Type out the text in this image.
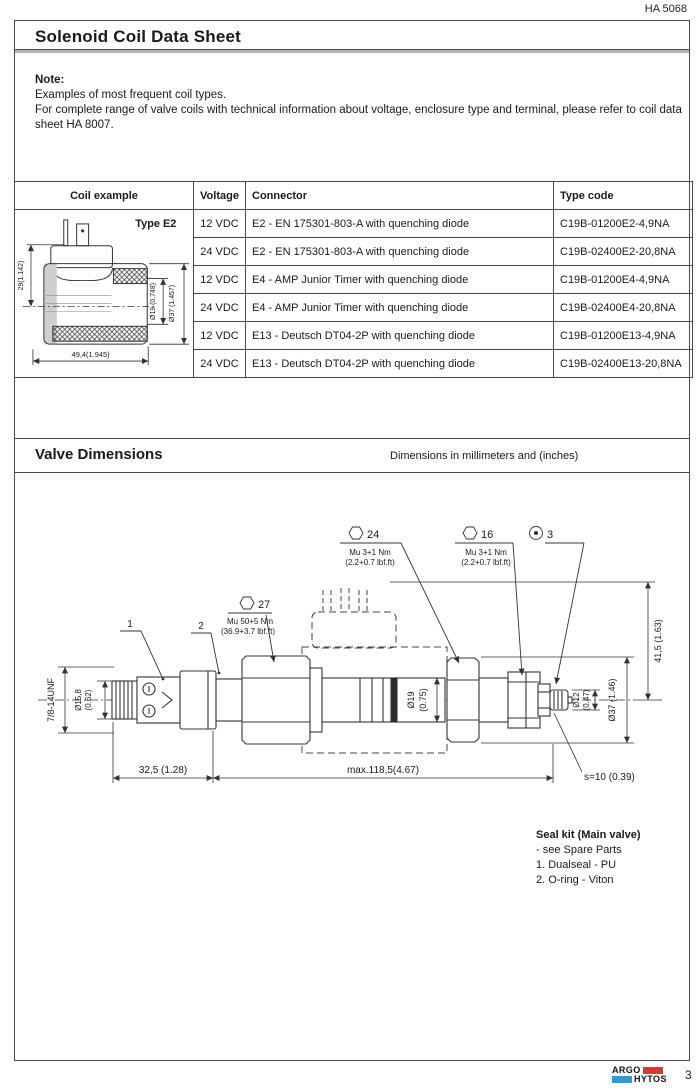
HA 5068
Solenoid Coil Data Sheet
Note:
Examples of most frequent coil types.
For complete range of valve coils with technical information about voltage, enclosure type and terminal, please refer to coil data sheet HA 8007.
Coil example	Voltage	Connector	Type code

Type E2
29(1.142)
Ø19 (0.748) Ø37 (1.457)
49,4(1.945)	12 VDC	E2 - EN 175301-803-A with quenching diode	C19B-01200E2-4,9NA
	24 VDC	E2 - EN 175301-803-A with quenching diode	C19B-02400E2-20,8NA
	12 VDC	E4 - AMP Junior Timer with quenching diode	C19B-01200E4-4,9NA
	24 VDC	E4 - AMP Junior Timer with quenching diode	C19B-02400E4-20,8NA
	12 VDC	E13 - Deutsch DT04-2P with quenching diode	C19B-01200E13-4,9NA
	24 VDC	E13 - Deutsch DT04-2P with quenching diode	C19B-02400E13-20,8NA
Valve Dimensions	Dimensions in millimeters and (inches)
27
Mu 50+5 Nm
(36.9+3.7 lbf.ft)
24
Mu 3+1 Nm
(2.2+0.7 lbf.ft)
16
Mu 3+1 Nm
(2.2+0.7 lbf.ft)
3
1	2
7/8-14UNF Ø15,8 (0.62)	Ø19 (0.75)	Ø12 (0.47) Ø37 (1.46)
41,5 (1.63)
32,5 (1.28)	max.118,5(4.67)
s=10 (0.39)
Seal kit (Main valve)
- see Spare Parts
1. Dualseal - PU
2. O-ring - Viton
ARGO
HYTOS 3
